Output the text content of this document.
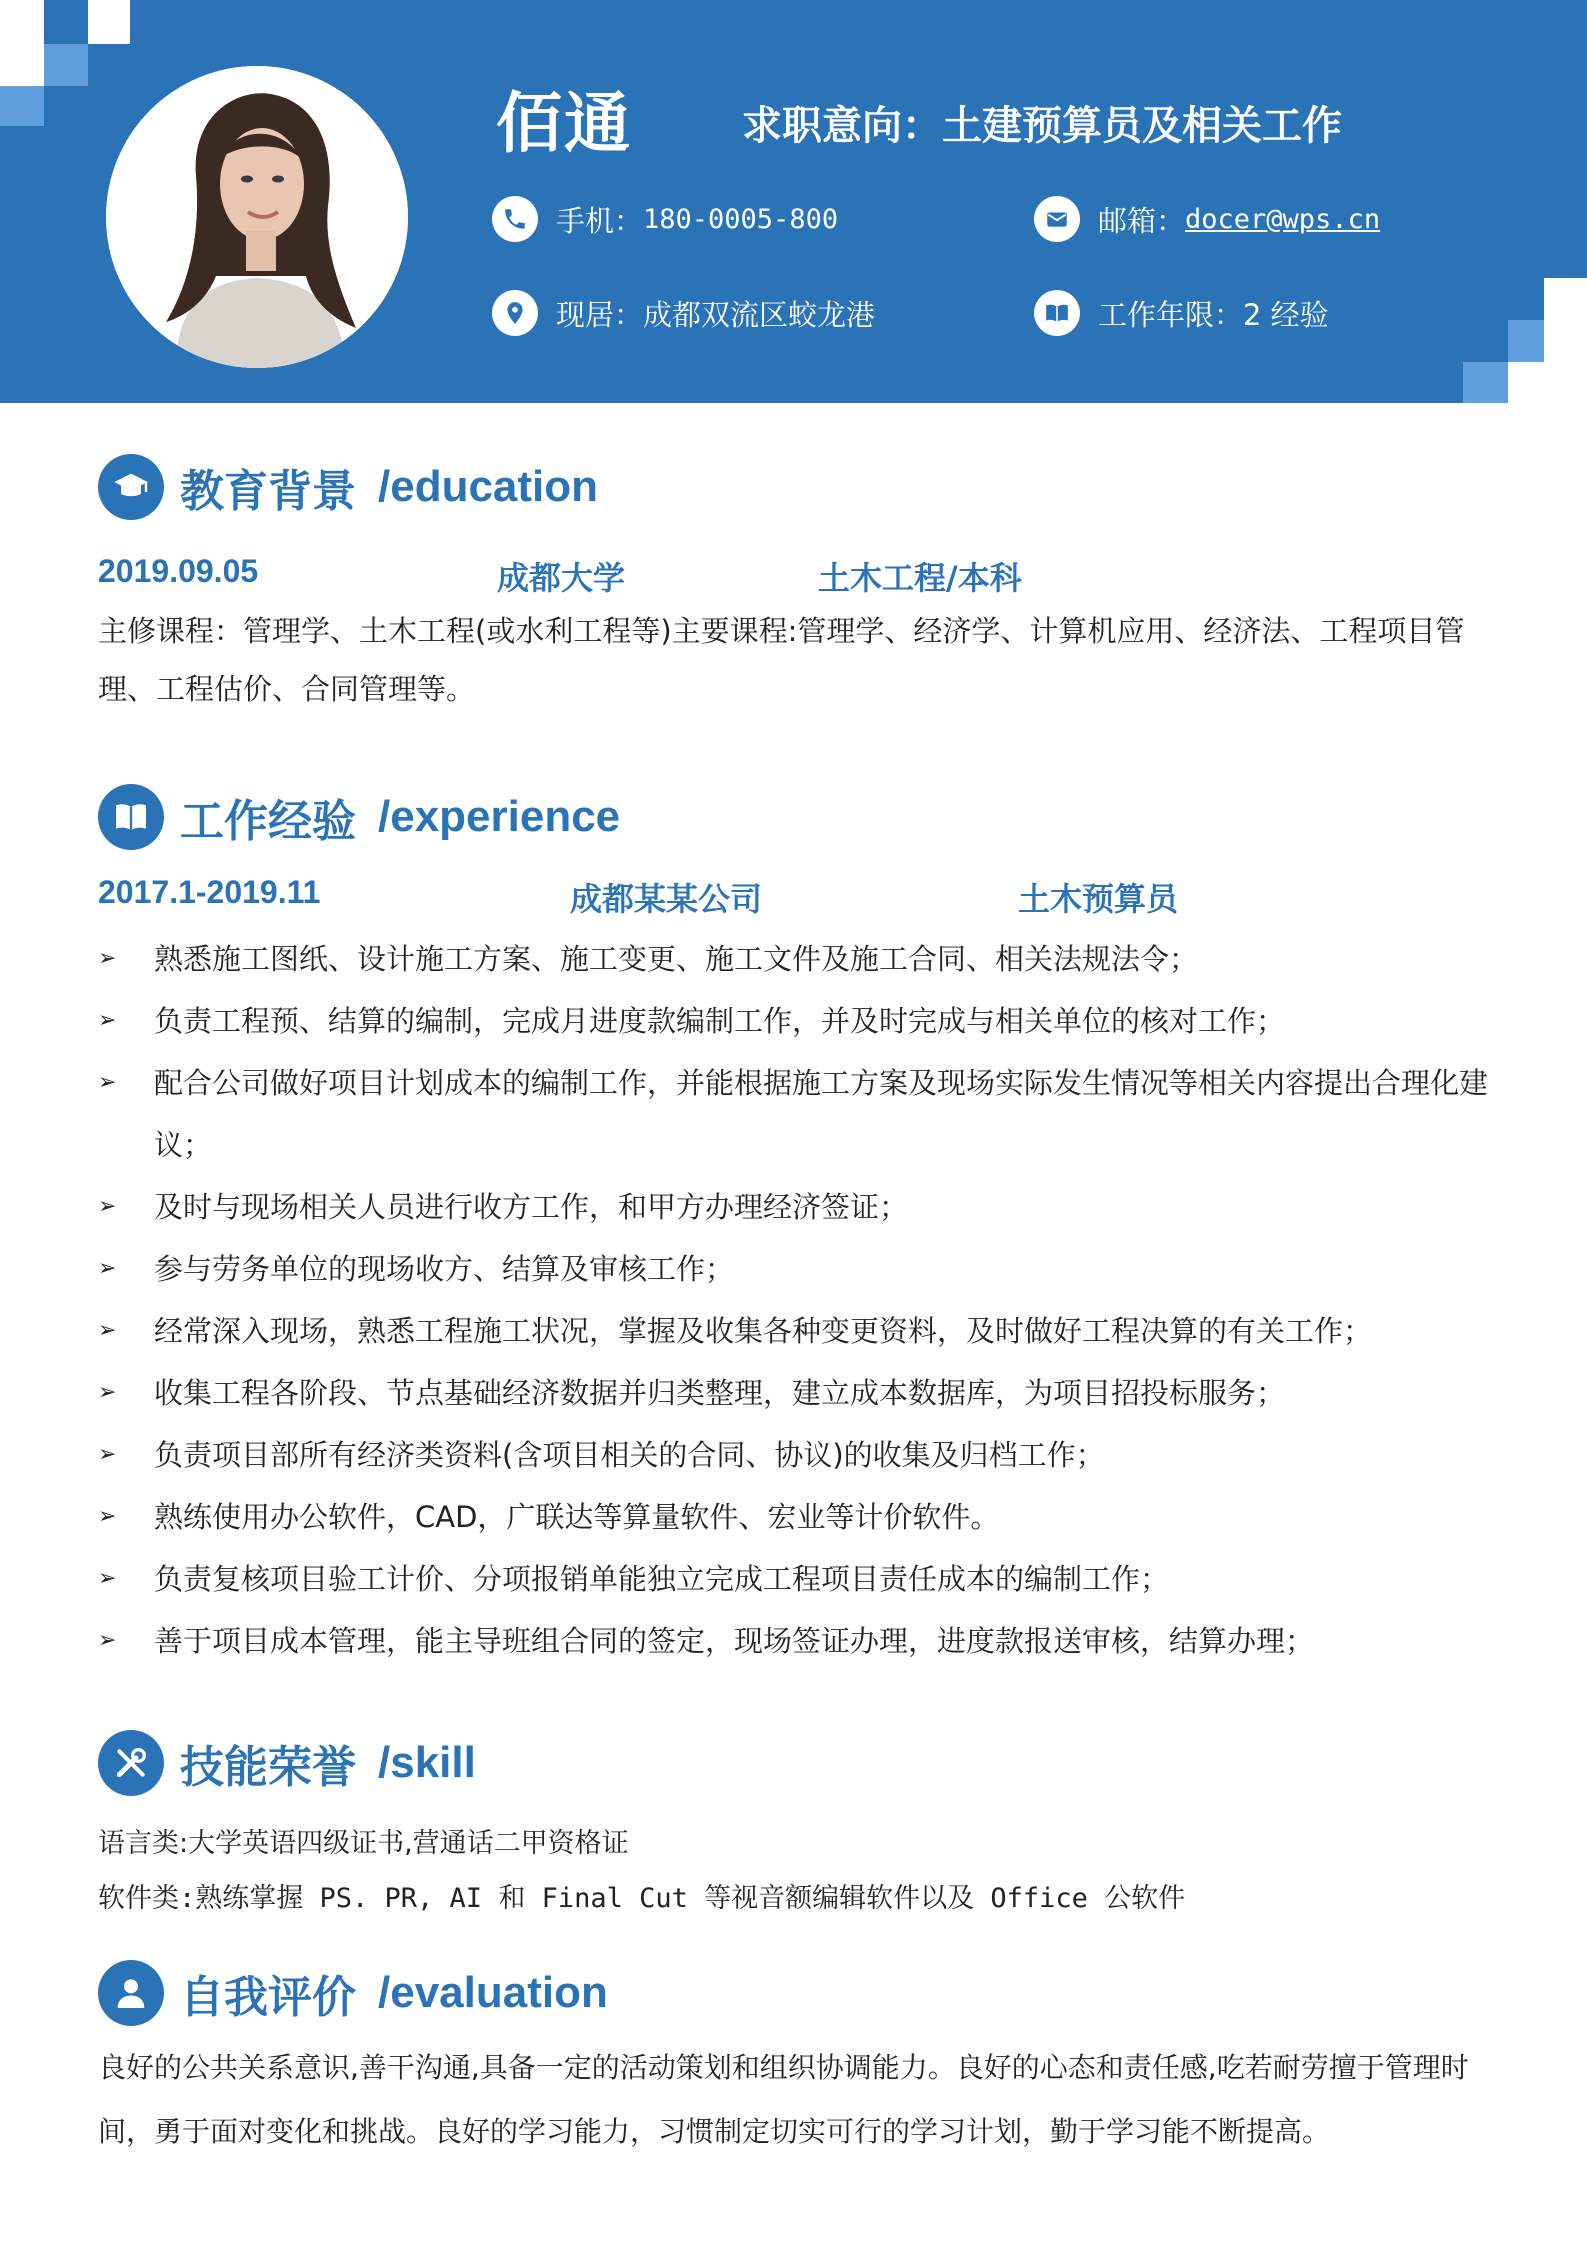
佰通	求职意向：土建预算员及相关工作
手机： 180-0005-800	邮箱： docer@wps.cn
现居：成都双流区蛟龙港	工作年限：2 经验
教育背景 /education
2019.09.05	成都大学	土木工程/本科
主修课程：管理学、土木工程(或水利工程等)主要课程:管理学、经济学、计算机应用、经济法、工程项目管理、工程估价、合同管理等。
工作经验 /experience
2017.1-2019.11	成都某某公司	土木预算员
➢	熟悉施工图纸、设计施工方案、施工变更、施工文件及施工合同、相关法规法令；
➢	负责工程预、结算的编制，完成月进度款编制工作，并及时完成与相关单位的核对工作；
➢	配合公司做好项目计划成本的编制工作，并能根据施工方案及现场实际发生情况等相关内容提出合理化建议；
➢	及时与现场相关人员进行收方工作，和甲方办理经济签证；
➢	参与劳务单位的现场收方、结算及审核工作；
➢	经常深入现场，熟悉工程施工状况，掌握及收集各种变更资料，及时做好工程决算的有关工作；
➢	收集工程各阶段、节点基础经济数据并归类整理，建立成本数据库，为项目招投标服务；
➢	负责项目部所有经济类资料(含项目相关的合同、协议)的收集及归档工作；
➢	熟练使用办公软件，CAD，广联达等算量软件、宏业等计价软件。
➢	负责复核项目验工计价、分项报销单能独立完成工程项目责任成本的编制工作；
➢	善于项目成本管理，能主导班组合同的签定，现场签证办理，进度款报送审核，结算办理；
技能荣誉 /skill
语言类:大学英语四级证书,营通话二甲资格证
软件类:熟练掌握 PS. PR, AI 和 Final Cut 等视音额编辑软件以及 Office 公软件
自我评价 /evaluation
良好的公共关系意识,善干沟通,具备一定的活动策划和组织协调能力。良好的心态和责任感,吃若耐劳擅于管理时间，勇于面对变化和挑战。良好的学习能力，习惯制定切实可行的学习计划，勤于学习能不断提高。
